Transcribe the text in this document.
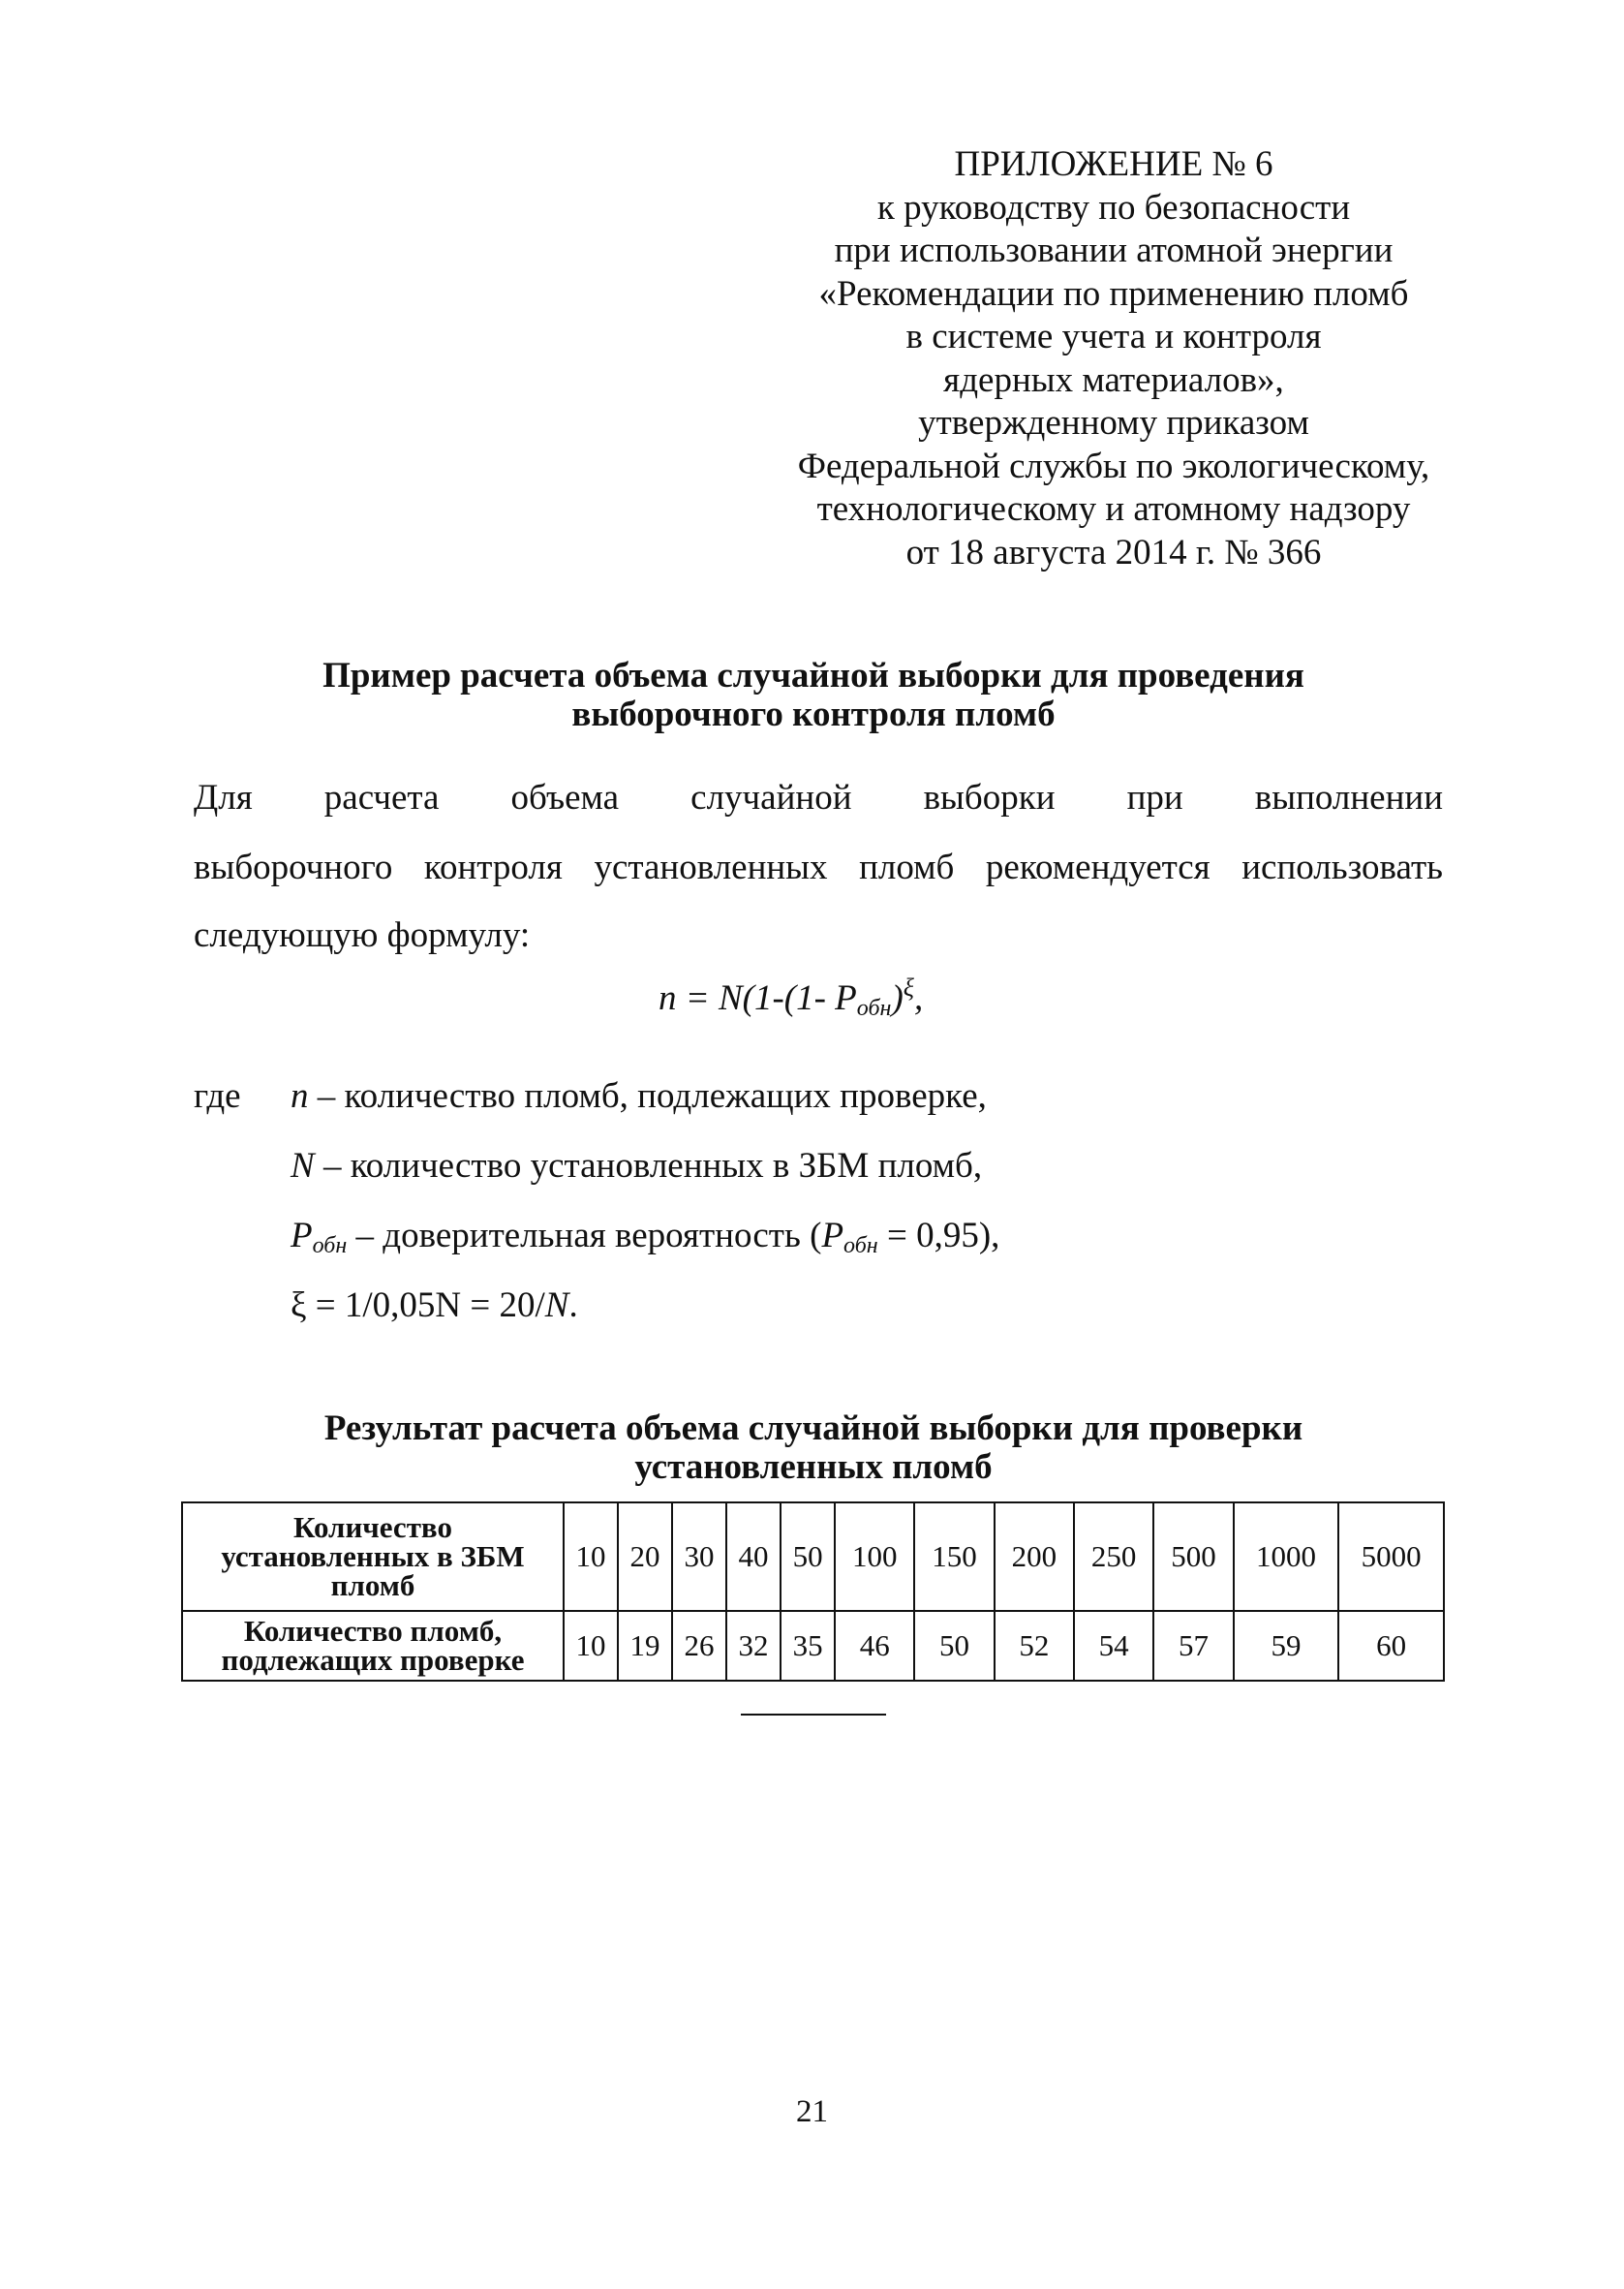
ПРИЛОЖЕНИЕ № 6
к руководству по безопасности
при использовании атомной энергии
«Рекомендации по применению пломб
в системе учета и контроля
ядерных материалов»,
утвержденному приказом
Федеральной службы по экологическому,
технологическому и атомному надзору
от 18 августа 2014 г. № 366
Пример расчета объема случайной выборки для проведения
выборочного контроля пломб
Для расчета объема случайной выборки при выполнении
выборочного контроля установленных пломб рекомендуется использовать
следующую формулу:
n = N(1-(1- $P_{обн})^\xi$,
где n – количество пломб, подлежащих проверке,
N – количество установленных в ЗБМ пломб,
$P_{обн}$ – доверительная вероятность $(P_{обн} = 0,95)$,
ξ = 1/0,05N = 20/N.
Результат расчета объема случайной выборки для проверки
установленных пломб
Количество
установленных в ЗБМ
пломб	10	20	30	40	50	100	150	200	250	500	1000	5000

Количество пломб,
подлежащих проверке	10	19	26	32	35	46	50	52	54	57	59	60
21
